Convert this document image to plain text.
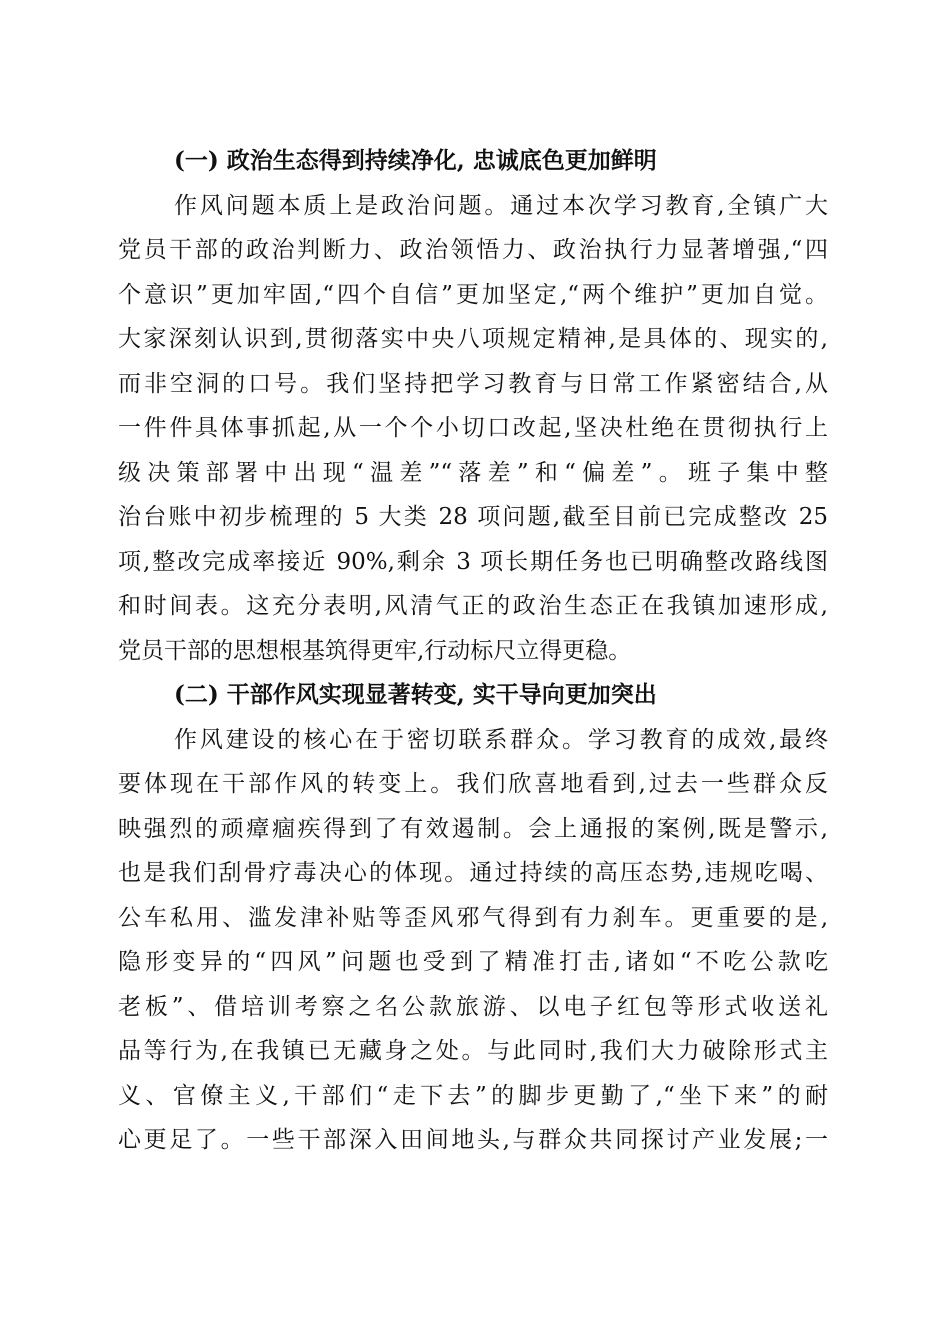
(一) 政治生态得到持续净化, 忠诚底色更加鲜明
作风问题本质上是政治问题。通过本次学习教育,全镇广大
党员干部的政治判断力、政治领悟力、政治执行力显著增强,“四
个意识”更加牢固,“四个自信”更加坚定,“两个维护”更加自觉。
大家深刻认识到,贯彻落实中央八项规定精神,是具体的、现实的,
而非空洞的口号。我们坚持把学习教育与日常工作紧密结合,从
一件件具体事抓起,从一个个小切口改起,坚决杜绝在贯彻执行上
级决策部署中出现“温差”“落差”和“偏差”。班子集中整
治台账中初步梳理的 5 大类 28 项问题,截至目前已完成整改 25
项,整改完成率接近 90%,剩余 3 项长期任务也已明确整改路线图
和时间表。这充分表明,风清气正的政治生态正在我镇加速形成,
党员干部的思想根基筑得更牢,行动标尺立得更稳。
(二) 干部作风实现显著转变, 实干导向更加突出
作风建设的核心在于密切联系群众。学习教育的成效,最终
要体现在干部作风的转变上。我们欣喜地看到,过去一些群众反
映强烈的顽瘴痼疾得到了有效遏制。会上通报的案例,既是警示,
也是我们刮骨疗毒决心的体现。通过持续的高压态势,违规吃喝、
公车私用、滥发津补贴等歪风邪气得到有力刹车。更重要的是,
隐形变异的“四风”问题也受到了精准打击,诸如“不吃公款吃
老板”、借培训考察之名公款旅游、以电子红包等形式收送礼
品等行为,在我镇已无藏身之处。与此同时,我们大力破除形式主
义、官僚主义,干部们“走下去”的脚步更勤了,“坐下来”的耐
心更足了。一些干部深入田间地头,与群众共同探讨产业发展;一
